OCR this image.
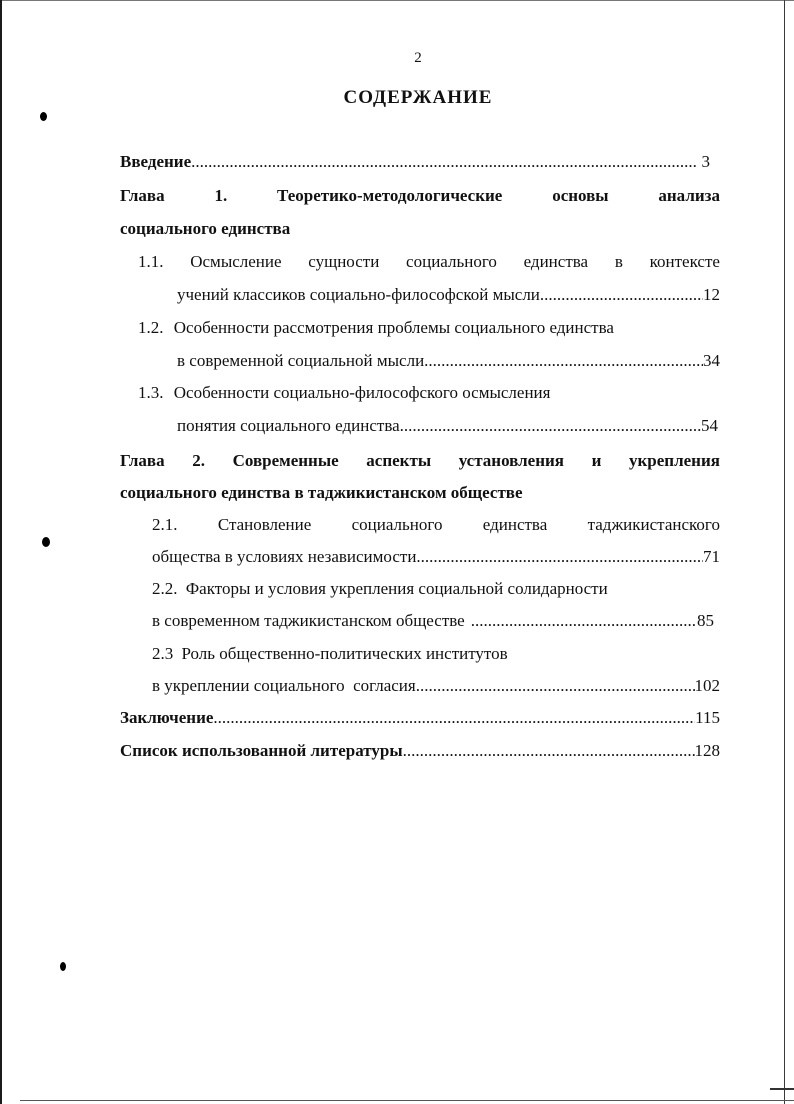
2
СОДЕРЖАНИЕ
Введение .....	3
Глава	1.	Теоретико-методологические	основы	анализа
социального единства
1.1. Осмысление сущности социального единства в контексте
учений классиков социально-философской мысли .....	12
1.2. Особенности рассмотрения проблемы социального единства
в современной социальной мысли .....	34
1.3. Особенности социально-философского осмысления
понятия социального единства .....	54
Глава 2. Современные аспекты установления и укрепления
социального единства в таджикистанском обществе
2.1. Становление социального единства таджикистанского
общества в условиях независимости .....	71
2.2. Факторы и условия укрепления социальной солидарности
в современном таджикистанском обществе .....	85
2.3 Роль общественно-политических институтов
в укреплении социального  согласия .....	102
Заключение .....	115
Список использованной литературы .....	128
